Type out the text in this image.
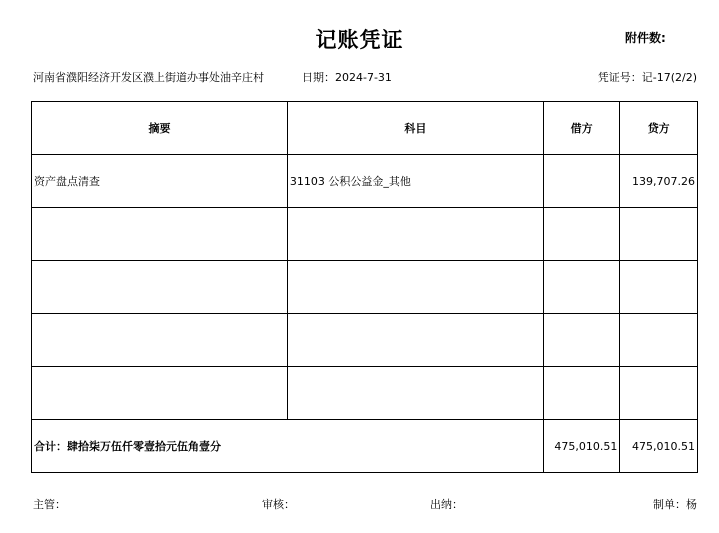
记账凭证	附件数:
河南省濮阳经济开发区濮上街道办事处油辛庄村	日期：2024-7-31	凭证号：记-17(2/2)
摘要	科目	借方	贷方
资产盘点清查	31103 公积公益金_其他		139,707.26

合计：肆拾柒万伍仟零壹拾元伍角壹分		475,010.51	475,010.51
主管：	审核：	出纳：	制单：杨
